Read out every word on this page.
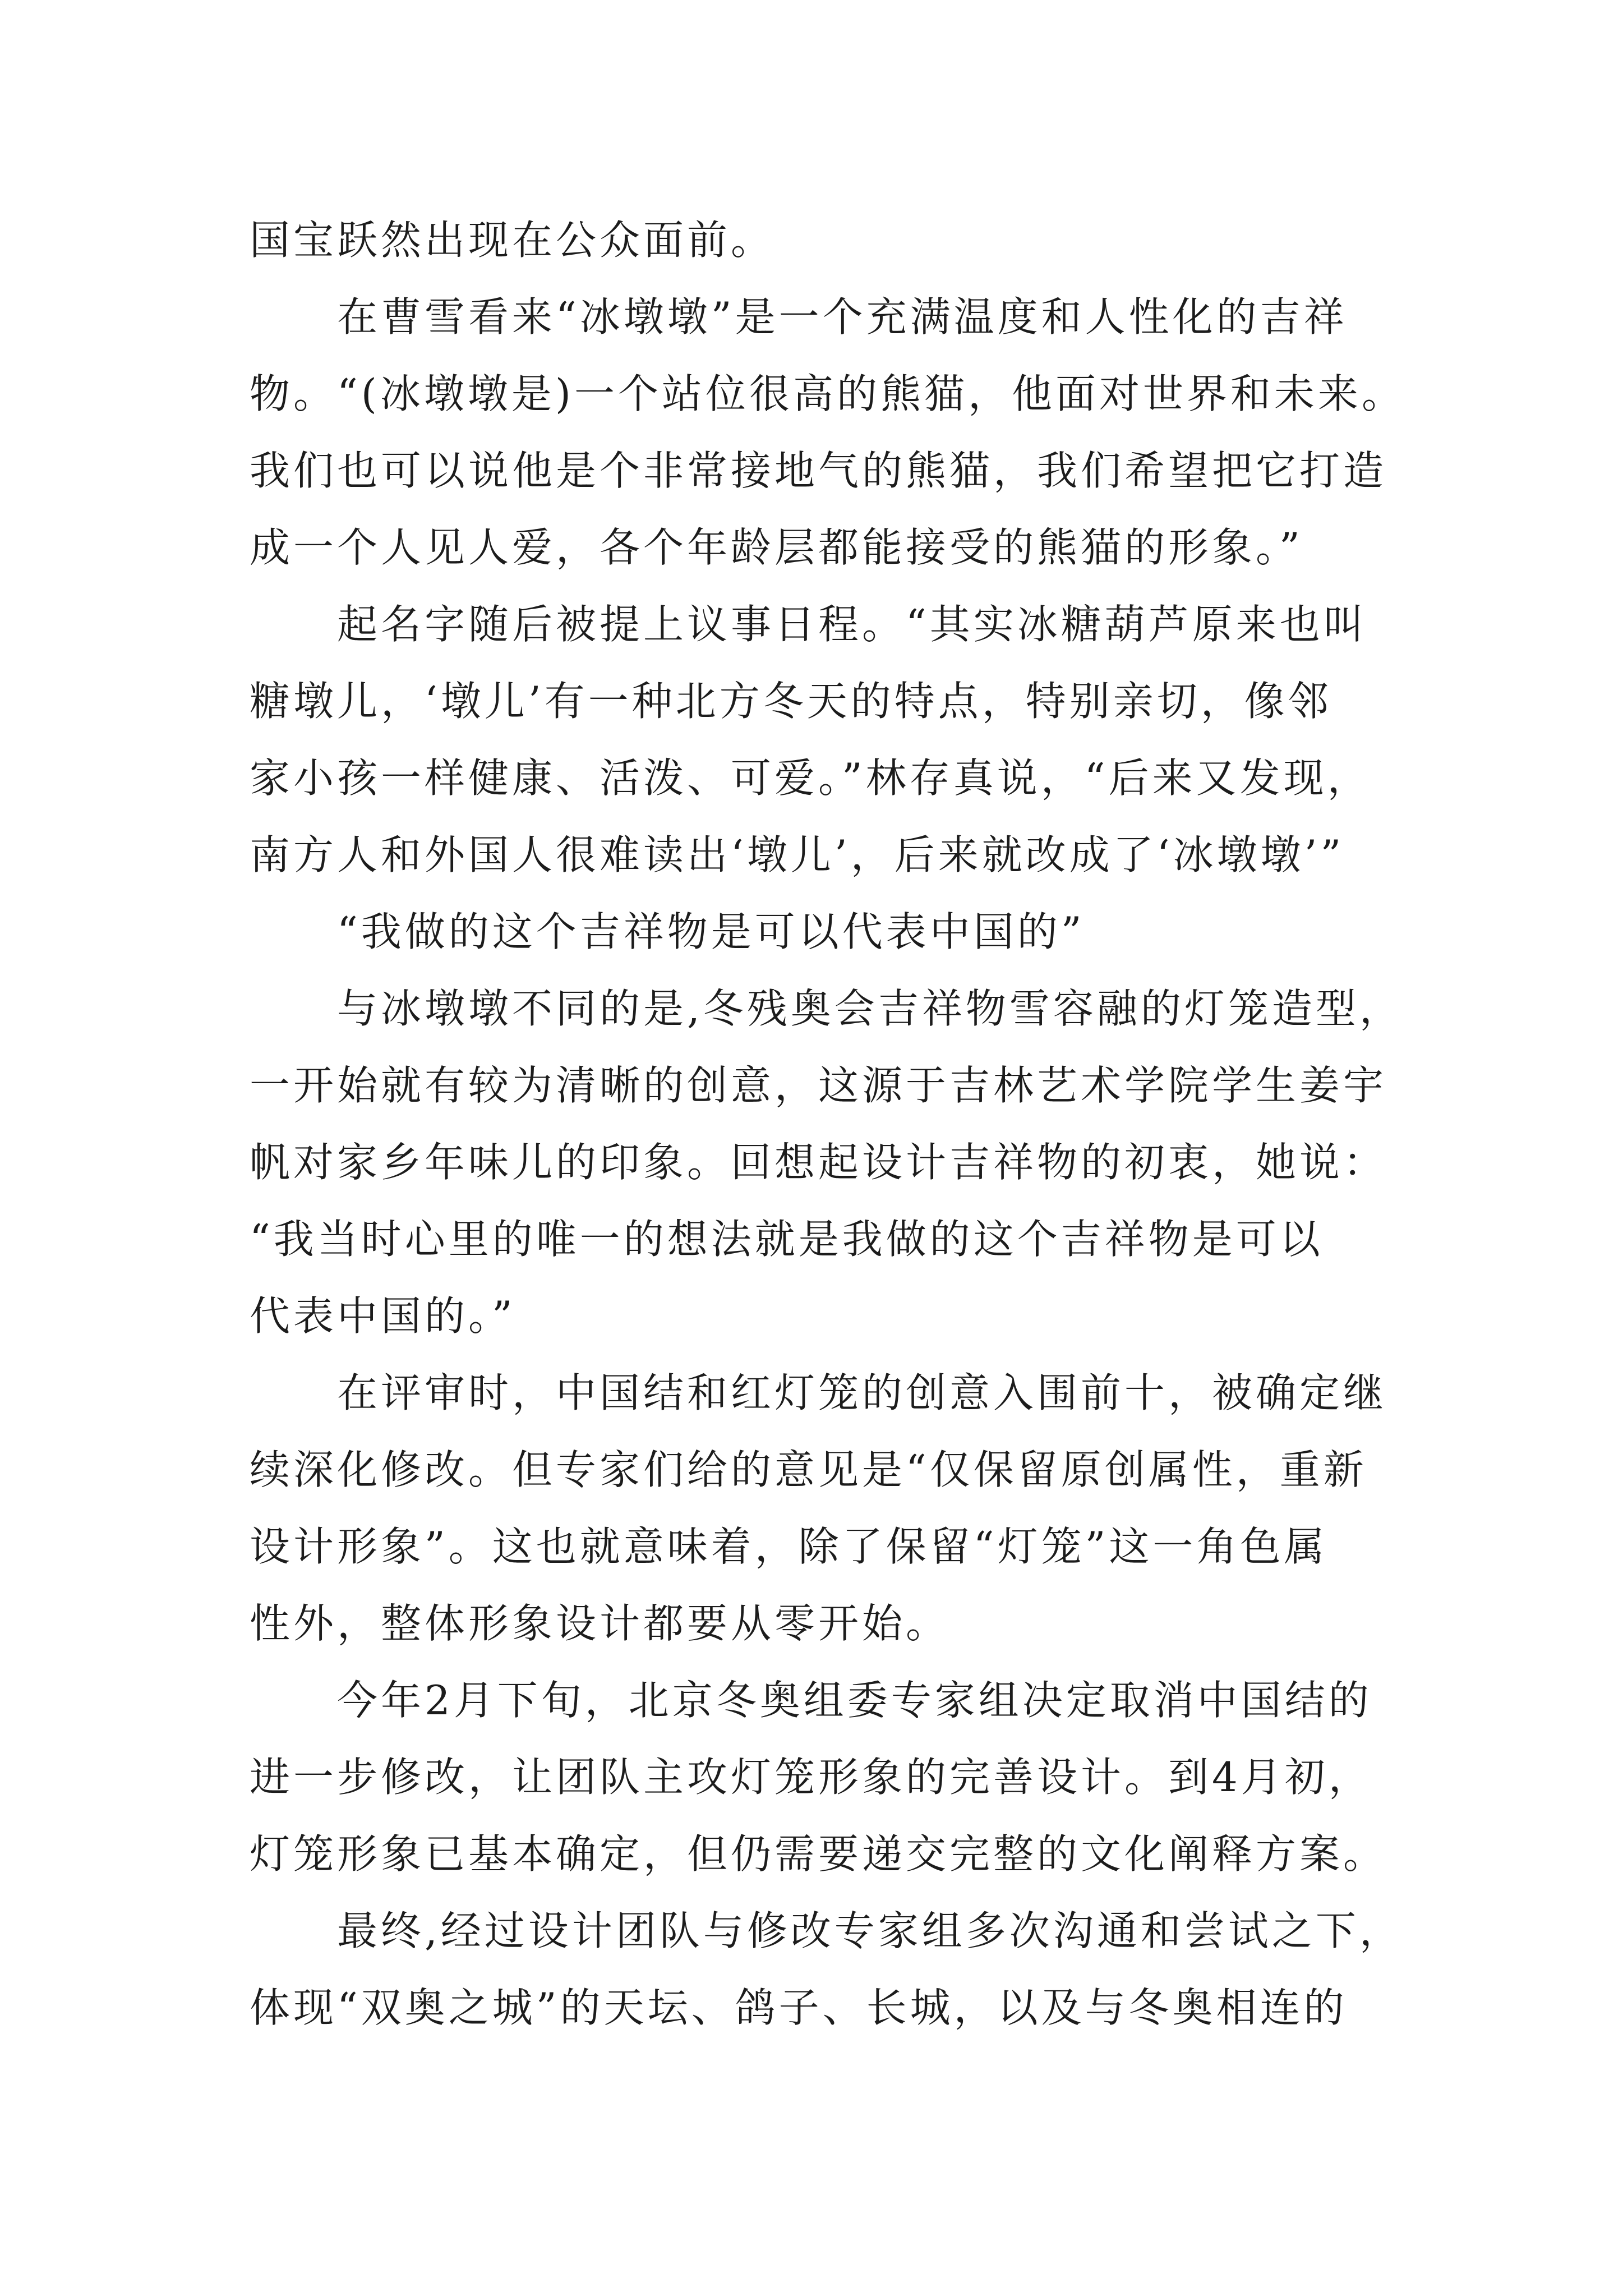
国宝跃然出现在公众面前。
在曹雪看来“冰墩墩”是一个充满温度和人性化的吉祥
物。“(冰墩墩是)一个站位很高的熊猫，他面对世界和未来。
我们也可以说他是个非常接地气的熊猫，我们希望把它打造
成一个人见人爱，各个年龄层都能接受的熊猫的形象。”
起名字随后被提上议事日程。“其实冰糖葫芦原来也叫
糖墩儿，‘墩儿’有一种北方冬天的特点，特别亲切，像邻
家小孩一样健康、活泼、可爱。”林存真说，“后来又发现，
南方人和外国人很难读出‘墩儿’，后来就改成了‘冰墩墩’”
“我做的这个吉祥物是可以代表中国的”
与冰墩墩不同的是,冬残奥会吉祥物雪容融的灯笼造型，
一开始就有较为清晰的创意，这源于吉林艺术学院学生姜宇
帆对家乡年味儿的印象。回想起设计吉祥物的初衷，她说：
“我当时心里的唯一的想法就是我做的这个吉祥物是可以
代表中国的。”
在评审时，中国结和红灯笼的创意入围前十，被确定继
续深化修改。但专家们给的意见是“仅保留原创属性，重新
设计形象”。这也就意味着，除了保留“灯笼”这一角色属
性外，整体形象设计都要从零开始。
今年2月下旬，北京冬奥组委专家组决定取消中国结的
进一步修改，让团队主攻灯笼形象的完善设计。到4月初，
灯笼形象已基本确定，但仍需要递交完整的文化阐释方案。
最终,经过设计团队与修改专家组多次沟通和尝试之下，
体现“双奥之城”的天坛、鸽子、长城，以及与冬奥相连的
